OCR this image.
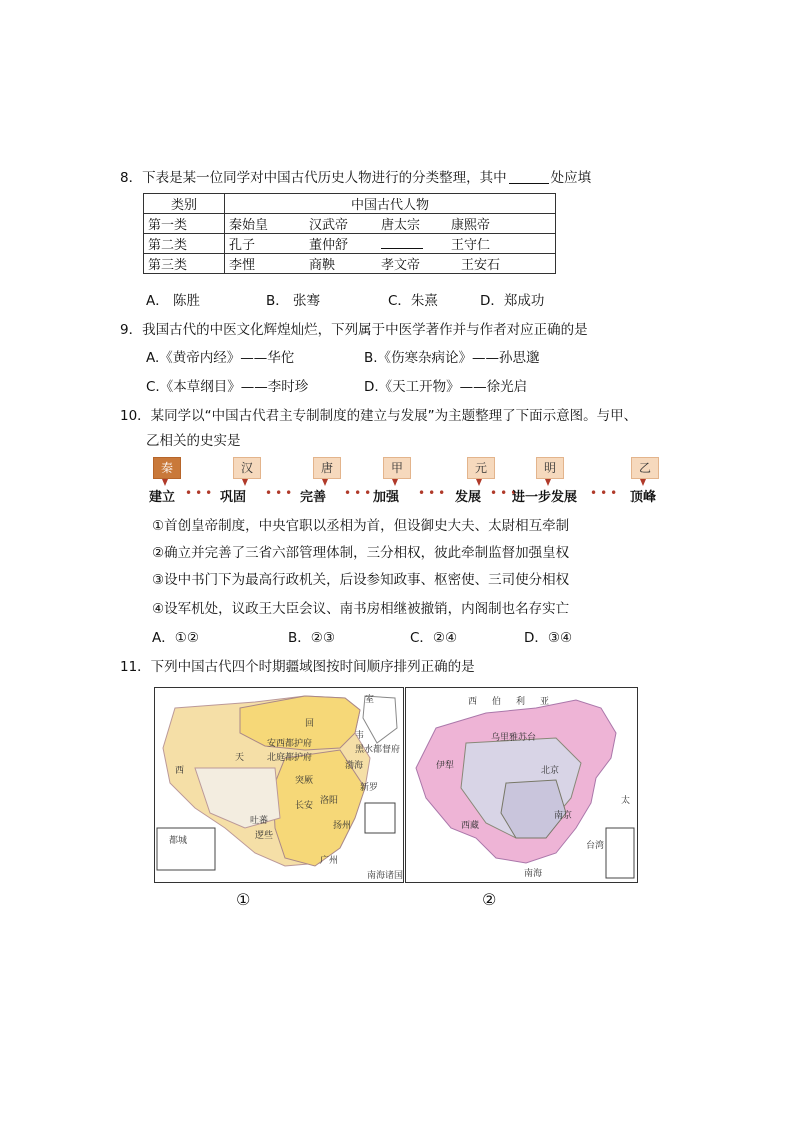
8．下表是某一位同学对中国古代历史人物进行的分类整理，其中	处应填
类别	中国古代人物
第一类	秦始皇 汉武帝 唐太宗 康熙帝
第二类	孔子 董仲舒 王守仁
第三类	李悝 商鞅 孝文帝 王安石
A． 陈胜	B． 张骞	C．朱熹	D．郑成功
9．我国古代的中医文化辉煌灿烂，下列属于中医学著作并与作者对应正确的是
A.《黄帝内经》——华佗	B.《伤寒杂病论》——孙思邈
C.《本草纲目》——李时珍	D.《天工开物》——徐光启
10．某同学以“中国古代君主专制制度的建立与发展”为主题整理了下面示意图。与甲、
乙相关的史实是
秦	汉	唐	甲	元	明	乙
建立 ••• 巩固 ••• 完善 •••
加强 ••• 发展 •••
进一步发展 ••• 顶峰
①首创皇帝制度，中央官职以丞相为首，但设御史大夫、太尉相互牵制
②确立并完善了三省六部管理体制，三分相权，彼此牵制监督加强皇权
③设中书门下为最高行政机关，后设参知政事、枢密使、三司使分相权
④设军机处，议政王大臣会议、南书房相继被撤销，内阁制也名存实亡
A．①②	B．②③	C．②④	D．③④
11．下列中国古代四个时期疆域图按时间顺序排列正确的是
回
吐蕃
长安 洛阳
扬州
广州
逻些
安西都护府
北庭都护府
室
韦
黑水都督府
渤海
新罗
西
天
突厥
都城
南海诸国
①
西 伯 利 亚
乌里雅苏台
伊犁
西藏
北京
南京
台湾
南海
太
②
